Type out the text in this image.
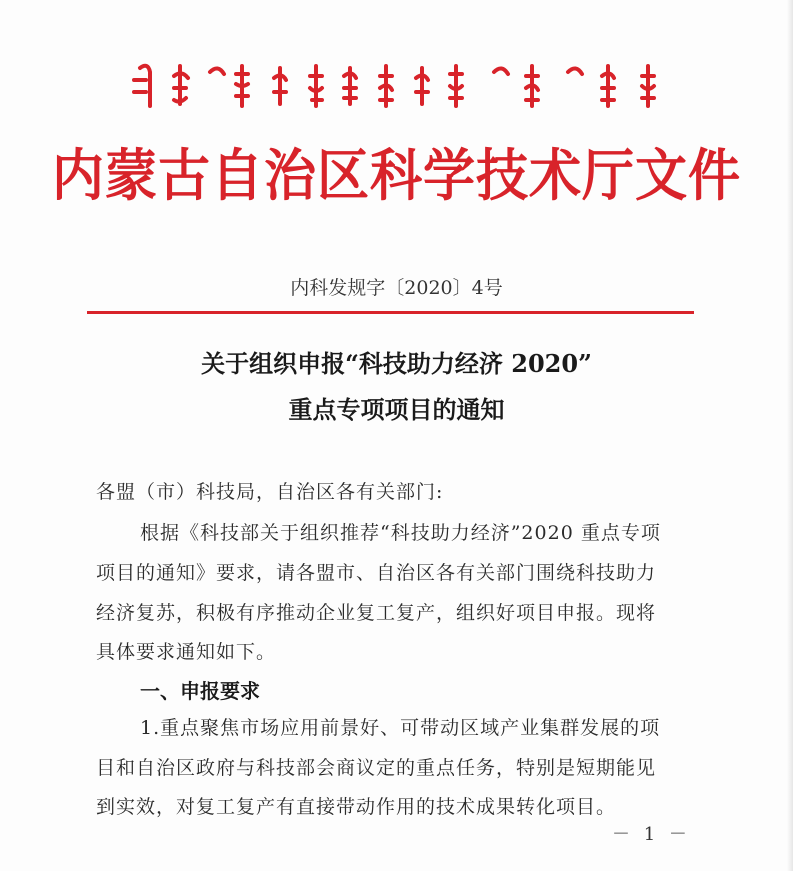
内蒙古自治区科学技术厅文件
内科发规字〔2020〕4号
关于组织申报“科技助力经济 2020”
重点专项项目的通知
各盟（市）科技局，自治区各有关部门:
根据《科技部关于组织推荐“科技助力经济”2020 重点专项
项目的通知》要求，请各盟市、自治区各有关部门围绕科技助力
经济复苏，积极有序推动企业复工复产，组织好项目申报。现将
具体要求通知如下。
一、申报要求
1.重点聚焦市场应用前景好、可带动区域产业集群发展的项
目和自治区政府与科技部会商议定的重点任务，特别是短期能见
到实效，对复工复产有直接带动作用的技术成果转化项目。
－ 1 －
